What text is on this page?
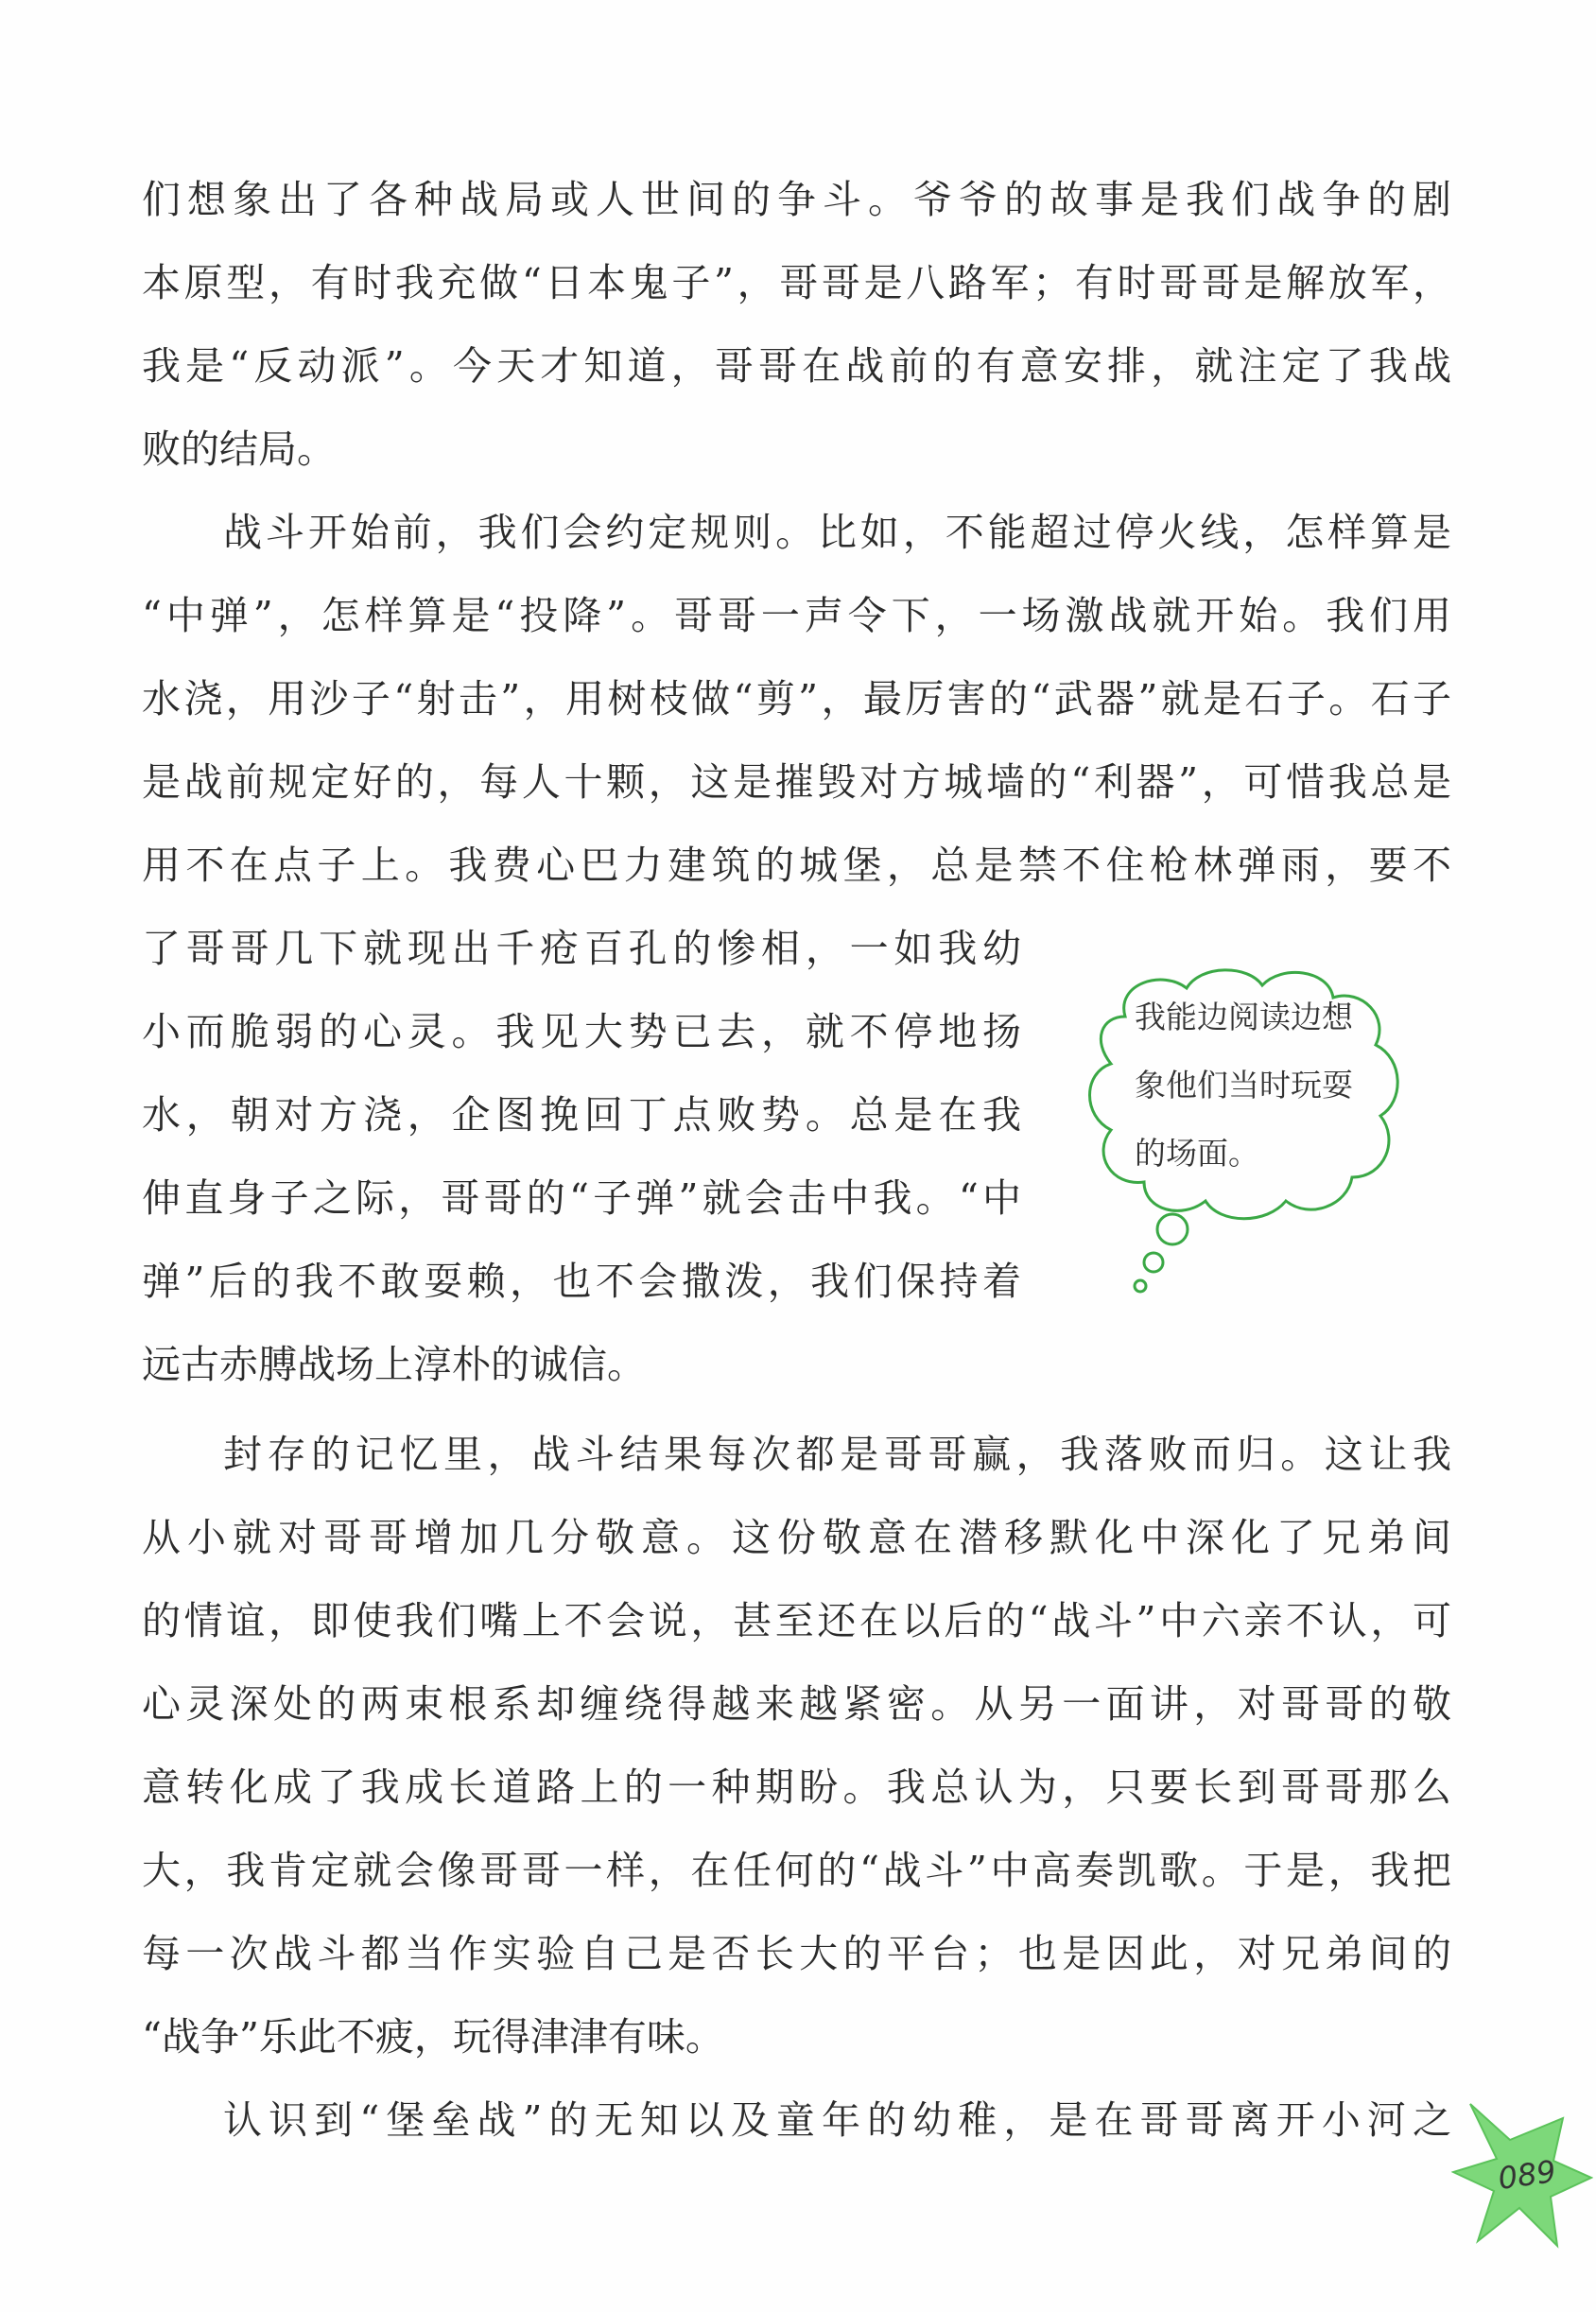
们想象出了各种战局或人世间的争斗。爷爷的故事是我们战争的剧
本原型，有时我充做“日本鬼子”，哥哥是八路军；有时哥哥是解放军，
我是“反动派”。今天才知道，哥哥在战前的有意安排，就注定了我战
败的结局。
战斗开始前，我们会约定规则。比如，不能超过停火线，怎样算是
“中弹”，怎样算是“投降”。哥哥一声令下，一场激战就开始。我们用
水浇，用沙子“射击”，用树枝做“剪”，最厉害的“武器”就是石子。石子
是战前规定好的，每人十颗，这是摧毁对方城墙的“利器”，可惜我总是
用不在点子上。我费心巴力建筑的城堡，总是禁不住枪林弹雨，要不
了哥哥几下就现出千疮百孔的惨相，一如我幼
小而脆弱的心灵。我见大势已去，就不停地扬
水，朝对方浇，企图挽回丁点败势。总是在我
伸直身子之际，哥哥的“子弹”就会击中我。“中
弹”后的我不敢耍赖，也不会撒泼，我们保持着
远古赤膊战场上淳朴的诚信。
封存的记忆里，战斗结果每次都是哥哥赢，我落败而归。这让我
从小就对哥哥增加几分敬意。这份敬意在潜移默化中深化了兄弟间
的情谊，即使我们嘴上不会说，甚至还在以后的“战斗”中六亲不认，可
心灵深处的两束根系却缠绕得越来越紧密。从另一面讲，对哥哥的敬
意转化成了我成长道路上的一种期盼。我总认为，只要长到哥哥那么
大，我肯定就会像哥哥一样，在任何的“战斗”中高奏凯歌。于是，我把
每一次战斗都当作实验自己是否长大的平台；也是因此，对兄弟间的
“战争”乐此不疲，玩得津津有味。
认识到“堡垒战”的无知以及童年的幼稚，是在哥哥离开小河之
我能边阅读边想
象他们当时玩耍
的场面。
089
